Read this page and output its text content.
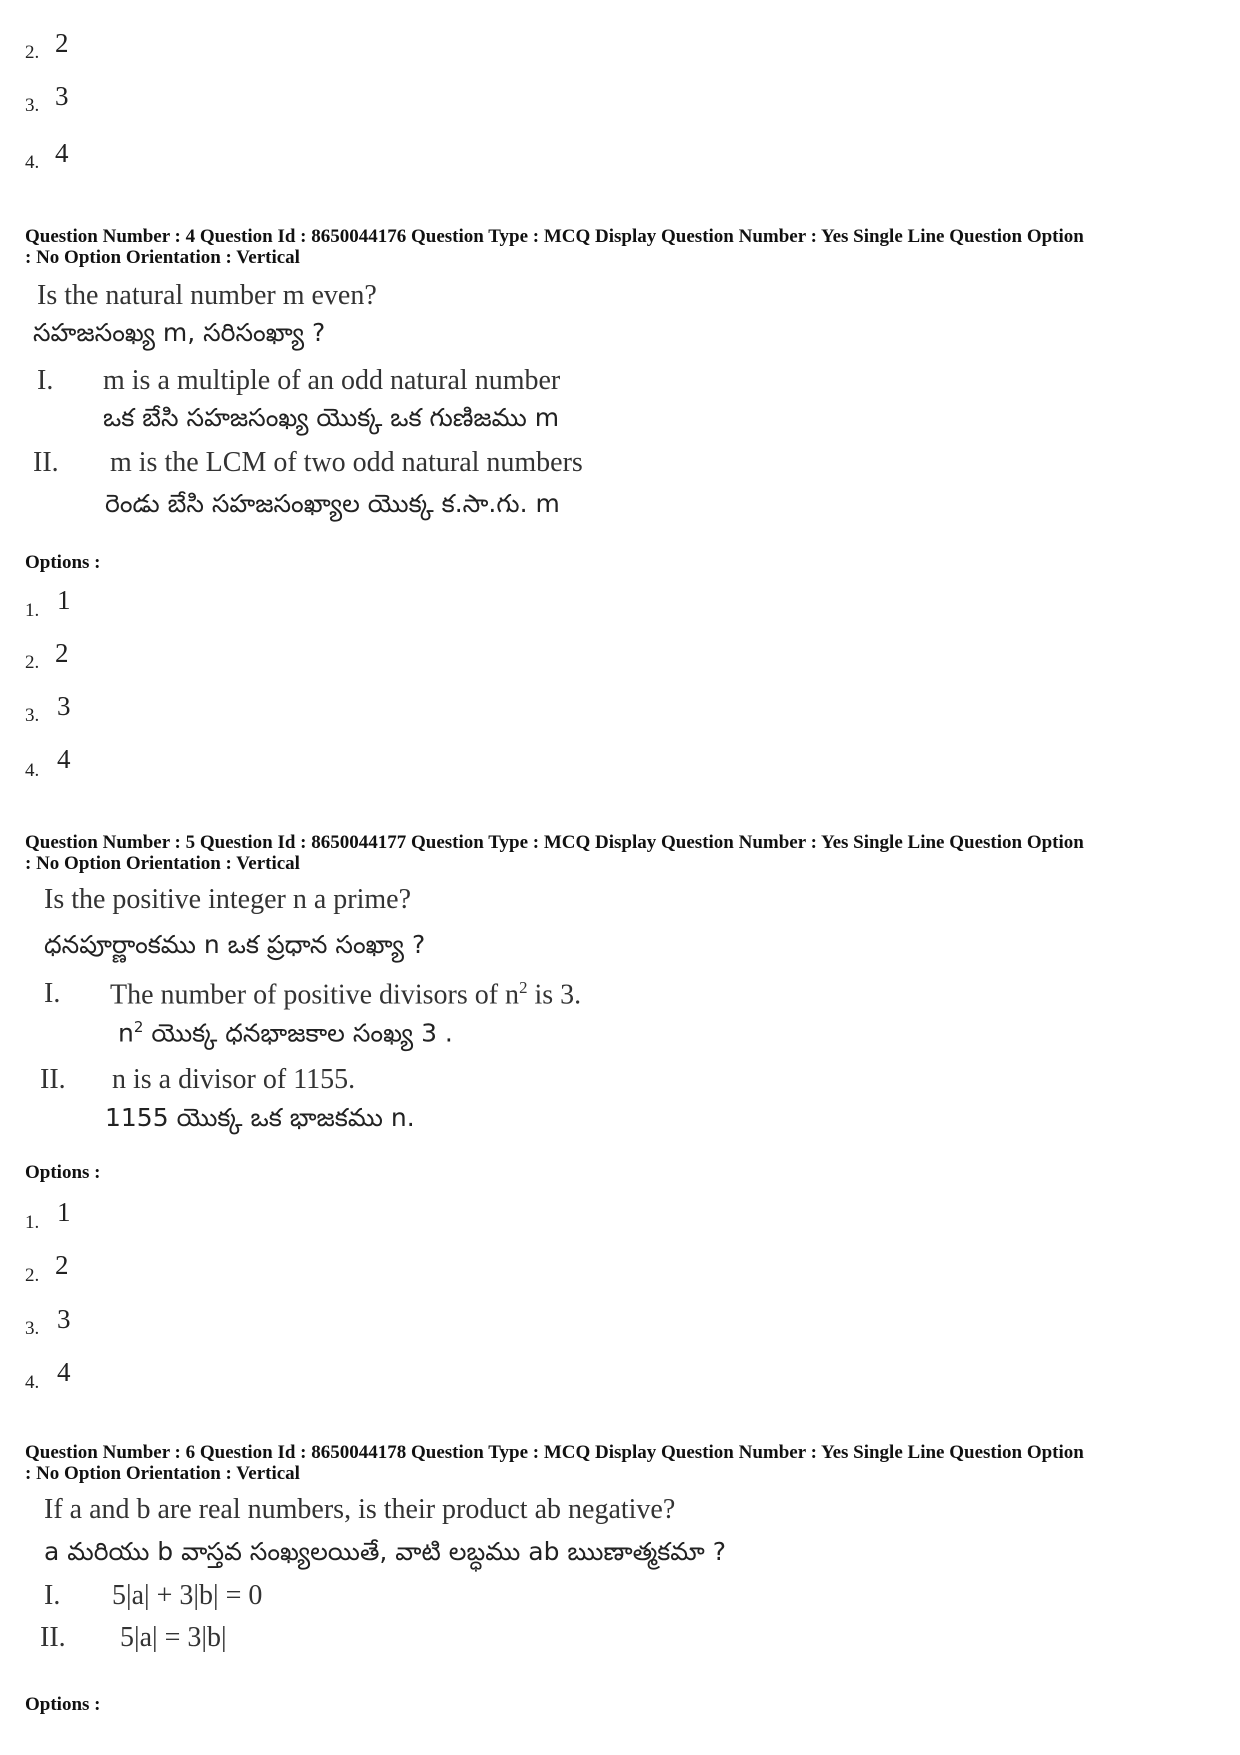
2. 2
3. 3
4. 4
Question Number : 4 Question Id : 8650044176 Question Type : MCQ Display Question Number : Yes Single Line Question Option
: No Option Orientation : Vertical
Is the natural number m even?
సహజసంఖ్య m, సరిసంఖ్యా ?
I. m is a multiple of an odd natural number
ఒక బేసి సహజసంఖ్య యొక్క ఒక గుణిజము m
II. m is the LCM of two odd natural numbers
రెండు బేసి సహజసంఖ్యాల యొక్క క.సా.గు. m
Options :
1. 1
2. 2
3. 3
4. 4
Question Number : 5 Question Id : 8650044177 Question Type : MCQ Display Question Number : Yes Single Line Question Option
: No Option Orientation : Vertical
Is the positive integer n a prime?
ధనపూర్ణాంకము n ఒక ప్రధాన సంఖ్యా ?
I. The number of positive divisors of $n^2$ is 3.
$n^2$ యొక్క ధనభాజకాల సంఖ్య 3 .
II. n is a divisor of 1155.
1155 యొక్క ఒక భాజకము n.
Options :
1. 1
2. 2
3. 3
4. 4
Question Number : 6 Question Id : 8650044178 Question Type : MCQ Display Question Number : Yes Single Line Question Option
: No Option Orientation : Vertical
If a and b are real numbers, is their product ab negative?
a మరియు b వాస్తవ సంఖ్యలయితే, వాటి లబ్ధము ab ఋణాత్మకమా ?
I. 5|a| + 3|b| = 0
II. 5|a| = 3|b|
Options :
